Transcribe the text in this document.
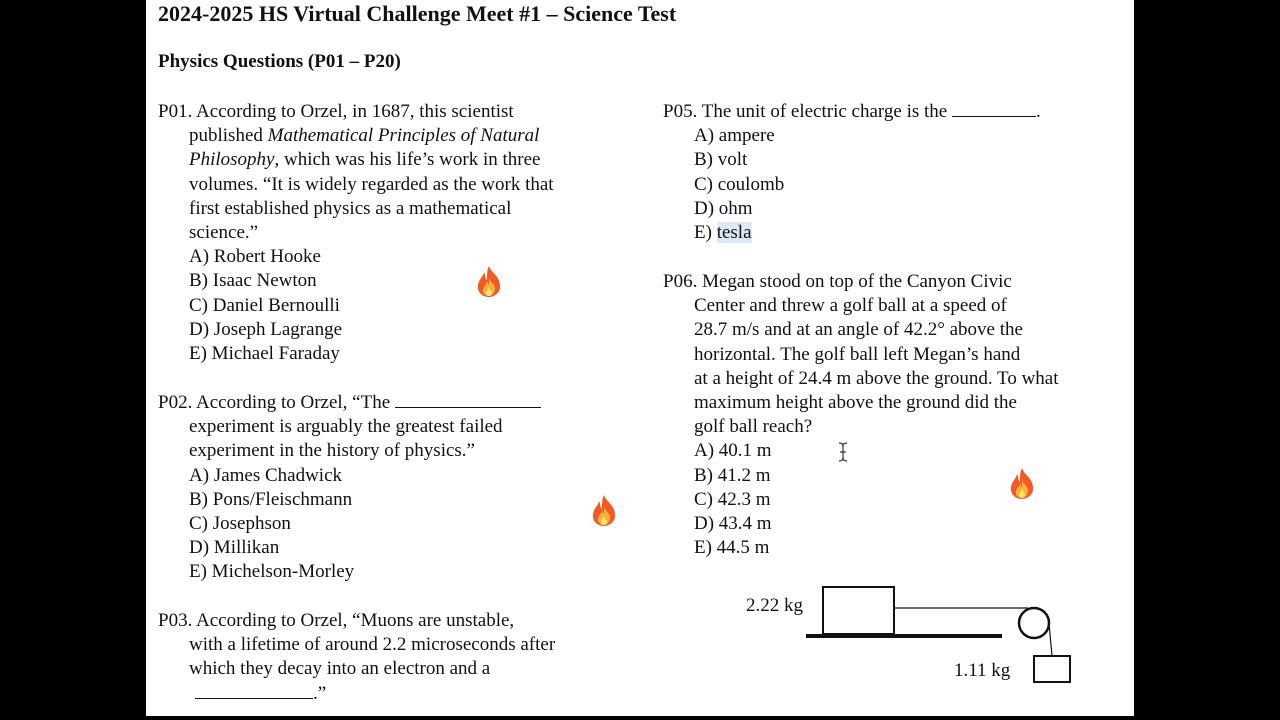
2024-2025 HS Virtual Challenge Meet #1 – Science Test
Physics Questions (P01 – P20)
P01. According to Orzel, in 1687, this scientist
published Mathematical Principles of Natural
Philosophy, which was his life’s work in three
volumes. “It is widely regarded as the work that
first established physics as a mathematical
science.”
A) Robert Hooke
B) Isaac Newton
C) Daniel Bernoulli
D) Joseph Lagrange
E) Michael Faraday
P02. According to Orzel, “The
experiment is arguably the greatest failed
experiment in the history of physics.”
A) James Chadwick
B) Pons/Fleischmann
C) Josephson
D) Millikan
E) Michelson-Morley
P03. According to Orzel, “Muons are unstable,
with a lifetime of around 2.2 microseconds after
which they decay into an electron and a
.”
P05. The unit of electric charge is the	.
A) ampere
B) volt
C) coulomb
D) ohm
E) tesla
P06. Megan stood on top of the Canyon Civic
Center and threw a golf ball at a speed of
28.7 m/s and at an angle of 42.2° above the
horizontal. The golf ball left Megan’s hand
at a height of 24.4 m above the ground. To what
maximum height above the ground did the
golf ball reach?
A) 40.1 m
B) 41.2 m
C) 42.3 m
D) 43.4 m
E) 44.5 m
2.22 kg
1.11 kg
